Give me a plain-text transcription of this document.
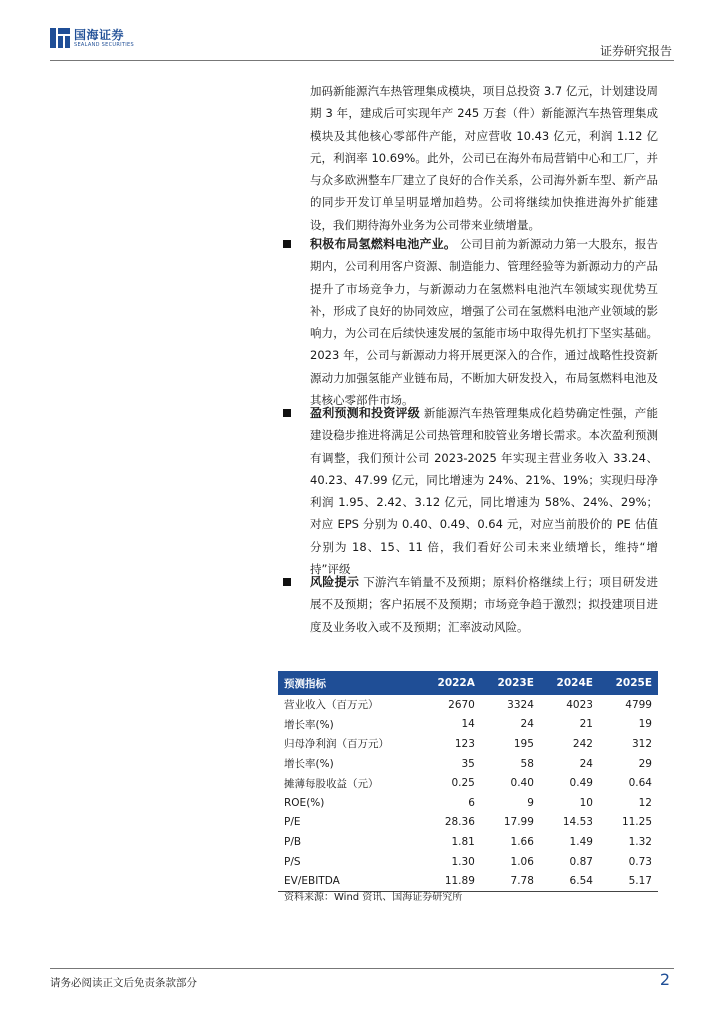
国海证券
SEALAND SECURITIES	证券研究报告
加码新能源汽车热管理集成模块，项目总投资 3.7 亿元，计划建设周期 3 年，建成后可实现年产 245 万套（件）新能源汽车热管理集成模块及其他核心零部件产能，对应营收 10.43 亿元，利润 1.12 亿元，利润率 10.69%。此外，公司已在海外布局营销中心和工厂，并与众多欧洲整车厂建立了良好的合作关系，公司海外新车型、新产品的同步开发订单呈明显增加趋势。公司将继续加快推进海外扩能建设，我们期待海外业务为公司带来业绩增量。
积极布局氢燃料电池产业。 公司目前为新源动力第一大股东，报告期内，公司利用客户资源、制造能力、管理经验等为新源动力的产品提升了市场竞争力，与新源动力在氢燃料电池汽车领域实现优势互补，形成了良好的协同效应，增强了公司在氢燃料电池产业领域的影响力，为公司在后续快速发展的氢能市场中取得先机打下坚实基础。2023 年，公司与新源动力将开展更深入的合作，通过战略性投资新源动力加强氢能产业链布局，不断加大研发投入，布局氢燃料电池及其核心零部件市场。
盈利预测和投资评级 新能源汽车热管理集成化趋势确定性强，产能建设稳步推进将满足公司热管理和胶管业务增长需求。本次盈利预测有调整，我们预计公司 2023-2025 年实现主营业务收入 33.24、40.23、47.99 亿元，同比增速为 24%、21%、19%；实现归母净利润 1.95、2.42、3.12 亿元，同比增速为 58%、24%、29%；对应 EPS 分别为 0.40、0.49、0.64 元，对应当前股价的 PE 估值分别为 18、15、11 倍，我们看好公司未来业绩增长，维持“增持”评级
风险提示 下游汽车销量不及预期；原料价格继续上行；项目研发进展不及预期；客户拓展不及预期；市场竞争趋于激烈；拟投建项目进度及业务收入或不及预期；汇率波动风险。
预测指标	2022A	2023E	2024E	2025E
营业收入（百万元）	2670	3324	4023	4799
增长率(%)	14	24	21	19
归母净利润（百万元）	123	195	242	312
增长率(%)	35	58	24	29
摊薄每股收益（元）	0.25	0.40	0.49	0.64
ROE(%)	6	9	10	12
P/E	28.36	17.99	14.53	11.25
P/B	1.81	1.66	1.49	1.32
P/S	1.30	1.06	0.87	0.73
EV/EBITDA	11.89	7.78	6.54	5.17
资料来源：Wind 资讯、国海证券研究所
请务必阅读正文后免责条款部分	2
